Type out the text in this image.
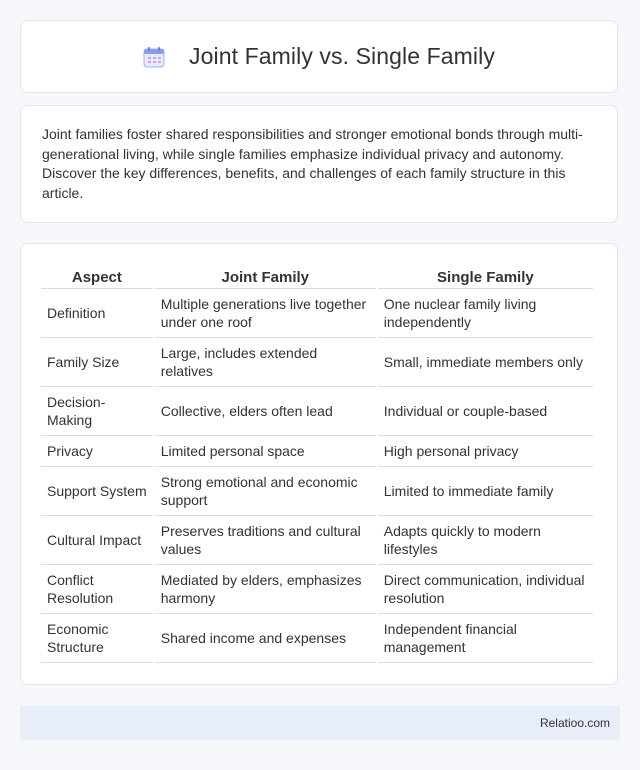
Joint Family vs. Single Family

Joint families foster shared responsibilities and stronger emotional bonds through multi-generational living, while single families emphasize individual privacy and autonomy. Discover the key differences, benefits, and challenges of each family structure in this article.

Aspect	Joint Family	Single Family
Definition	Multiple generations live together under one roof	One nuclear family living independently
Family Size	Large, includes extended relatives	Small, immediate members only
Decision-Making	Collective, elders often lead	Individual or couple-based
Privacy	Limited personal space	High personal privacy
Support System	Strong emotional and economic support	Limited to immediate family
Cultural Impact	Preserves traditions and cultural values	Adapts quickly to modern lifestyles
Conflict Resolution	Mediated by elders, emphasizes harmony	Direct communication, individual resolution
Economic Structure	Shared income and expenses	Independent financial management
Relatioo.com
